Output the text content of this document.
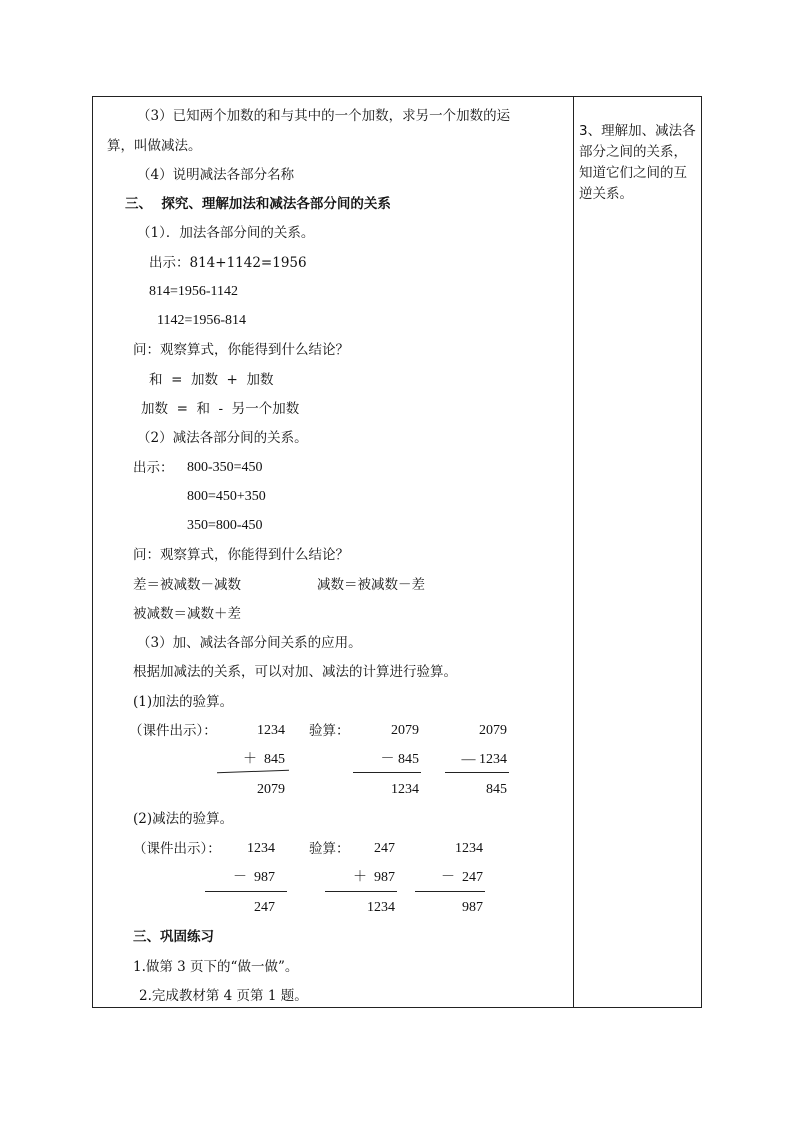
（3）已知两个加数的和与其中的一个加数，求另一个加数的运
算，叫做减法。
（4）说明减法各部分名称
三、  探究、理解加法和减法各部分间的关系
（1）．加法各部分间的关系。
出示：814+1142=1956
814=1956-1142
1142=1956-814
问：观察算式，你能得到什么结论？
和  =  加数  +  加数
加数  =  和  -  另一个加数
（2）减法各部分间的关系。
出示： 800-350=450
800=450+350
350=800-450
问：观察算式，你能得到什么结论？
差＝被减数－减数	减数＝被减数－差
被减数＝减数＋差
（3）加、减法各部分间关系的应用。
根据加减法的关系，可以对加、减法的计算进行验算。
(1)加法的验算。
（课件出示）：	验算：
1234
＋  845
2079
2079
－ 845
1234
2079
— 1234
845
(2)减法的验算。
（课件出示）：	验算：
1234
－  987
247
247
＋  987
1234
1234
－  247
987
三、巩固练习
1.做第 3 页下的“做一做”。
2.完成教材第 4 页第 1 题。
3、理解加、减法各部分之间的关系，知道它们之间的互逆关系。
